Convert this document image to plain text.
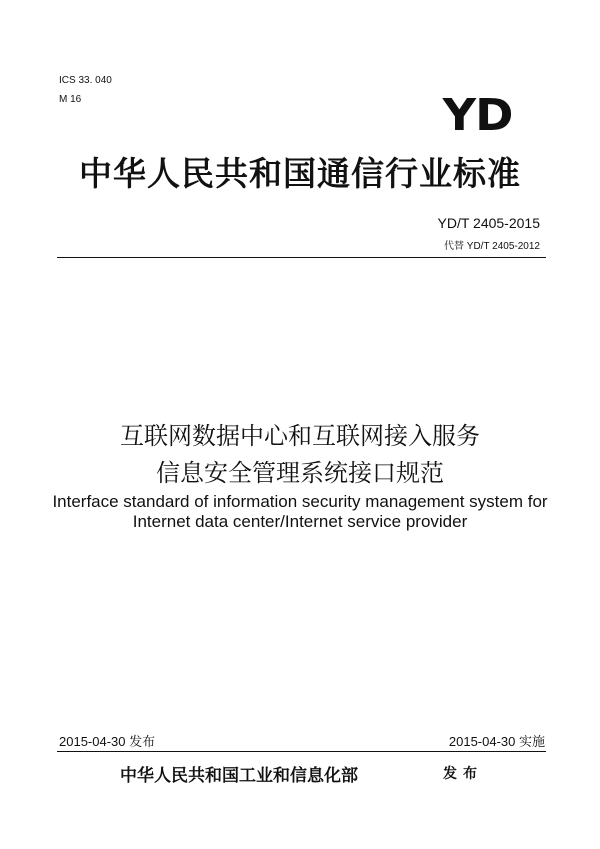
ICS 33. 040
M 16	YD
中华人民共和国通信行业标准
YD/T 2405-2015
代替 YD/T 2405-2012
互联网数据中心和互联网接入服务
信息安全管理系统接口规范
Interface standard of information security management system for
Internet data center/Internet service provider
2015-04-30 发布	2015-04-30 实施
中华人民共和国工业和信息化部	发布
